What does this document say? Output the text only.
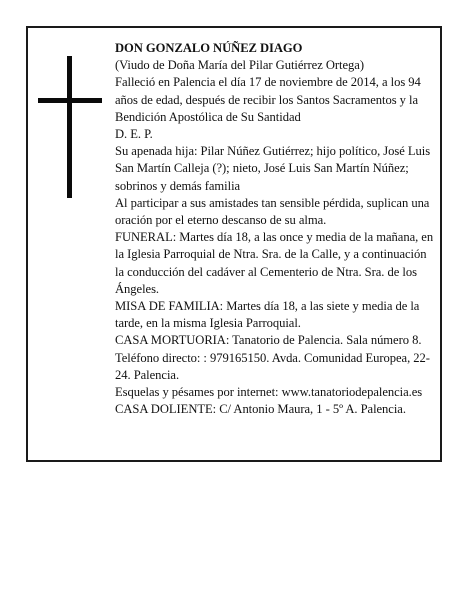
DON GONZALO NÚÑEZ DIAGO

(Viudo de Doña María del Pilar Gutiérrez Ortega)

Falleció en Palencia el día 17 de noviembre de 2014, a los 94 años de edad, después de recibir los Santos Sacramentos y la Bendición Apostólica de Su Santidad

D. E. P.

Su apenada hija: Pilar Núñez Gutiérrez; hijo político, José Luis San Martín Calleja (?); nieto, José Luis San Martín Núñez; sobrinos y demás familia

Al participar a sus amistades tan sensible pérdida, suplican una oración por el eterno descanso de su alma.

FUNERAL: Martes día 18, a las once y media de la mañana, en la Iglesia Parroquial de Ntra. Sra. de la Calle, y a continuación la conducción del cadáver al Cementerio de Ntra. Sra. de los Ángeles.

MISA DE FAMILIA: Martes día 18, a las siete y media de la tarde, en la misma Iglesia Parroquial.

CASA MORTUORIA: Tanatorio de Palencia. Sala número 8. Teléfono directo: : 979165150. Avda. Comunidad Europea, 22-24. Palencia.

Esquelas y pésames por internet: www.tanatoriodepalencia.es

CASA DOLIENTE: C/ Antonio Maura, 1 - 5º A. Palencia.
